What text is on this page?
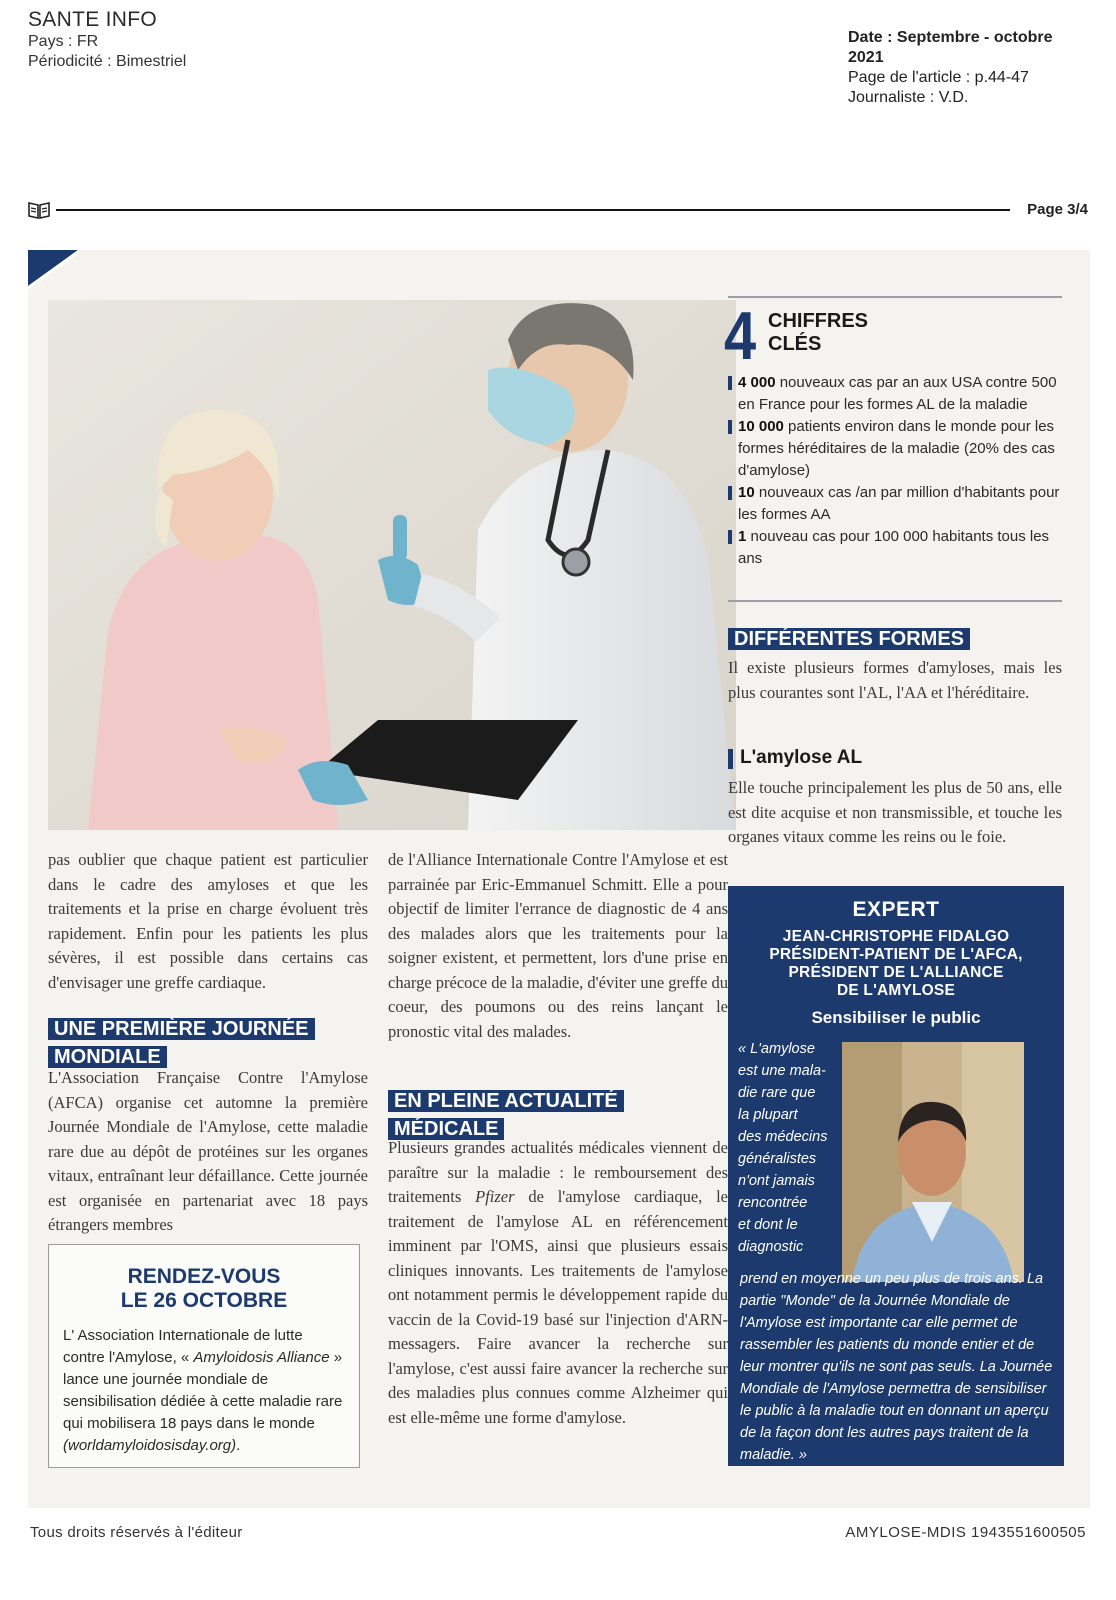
SANTE INFO
Pays : FR
Périodicité : Bimestriel
Date : Septembre - octobre 2021
Page de l'article : p.44-47
Journaliste : V.D.
Page 3/4
pas oublier que chaque patient est particulier dans le cadre des amyloses et que les traitements et la prise en charge évoluent très rapidement. Enfin pour les patients les plus sévères, il est possible dans certains cas d'envisager une greffe cardiaque.
UNE PREMIÈRE JOURNÉE MONDIALE
L'Association Française Contre l'Amylose (AFCA) organise cet automne la première Journée Mondiale de l'Amylose, cette maladie rare due au dépôt de protéines sur les organes vitaux, entraînant leur défaillance. Cette journée est organisée en partenariat avec 18 pays étrangers membres
RENDEZ-VOUS
LE 26 OCTOBRE
L' Association Internationale de lutte contre l'Amylose, « Amyloidosis Alliance » lance une journée mondiale de sensibilisation dédiée à cette maladie rare qui mobilisera 18 pays dans le monde (worldamyloidosisday.org).
de l'Alliance Internationale Contre l'Amylose et est parrainée par Eric-Emmanuel Schmitt. Elle a pour objectif de limiter l'errance de diagnostic de 4 ans des malades alors que les traitements pour la soigner existent, et permettent, lors d'une prise en charge précoce de la maladie, d'éviter une greffe du coeur, des poumons ou des reins lançant le pronostic vital des malades.
EN PLEINE ACTUALITÉ MÉDICALE
Plusieurs grandes actualités médicales viennent de paraître sur la maladie : le remboursement des traitements Pfizer de l'amylose cardiaque, le traitement de l'amylose AL en référencement imminent par l'OMS, ainsi que plusieurs essais cliniques innovants. Les traitements de l'amylose ont notamment permis le développement rapide du vaccin de la Covid-19 basé sur l'injection d'ARN-messagers. Faire avancer la recherche sur l'amylose, c'est aussi faire avancer la recherche sur des maladies plus connues comme Alzheimer qui est elle-même une forme d'amylose.
4 CHIFFRES
CLÉS
4 000 nouveaux cas par an aux USA contre 500 en France pour les formes AL de la maladie
10 000 patients environ dans le monde pour les formes héréditaires de la maladie (20% des cas d'amylose)
10 nouveaux cas /an par million d'habitants pour les formes AA
1 nouveau cas pour 100 000 habitants tous les ans
DIFFÉRENTES FORMES
Il existe plusieurs formes d'amyloses, mais les plus courantes sont l'AL, l'AA et l'héréditaire.
L'amylose AL
Elle touche principalement les plus de 50 ans, elle est dite acquise et non transmissible, et touche les organes vitaux comme les reins ou le foie.
EXPERT
JEAN-CHRISTOPHE FIDALGO
PRÉSIDENT-PATIENT DE L'AFCA,
PRÉSIDENT DE L'ALLIANCE
DE L'AMYLOSE
Sensibiliser le public
« L'amylose
est une mala-
die rare que
la plupart
des médecins
généralistes
n'ont jamais
rencontrée
et dont le
diagnostic
prend en moyenne un peu plus de trois ans. La partie "Monde" de la Journée Mondiale de l'Amylose est importante car elle permet de rassembler les patients du monde entier et de leur montrer qu'ils ne sont pas seuls. La Journée Mondiale de l'Amylose permettra de sensibiliser le public à la maladie tout en donnant un aperçu de la façon dont les autres pays traitent de la maladie. »
Tous droits réservés à l'éditeur	AMYLOSE-MDIS 1943551600505
